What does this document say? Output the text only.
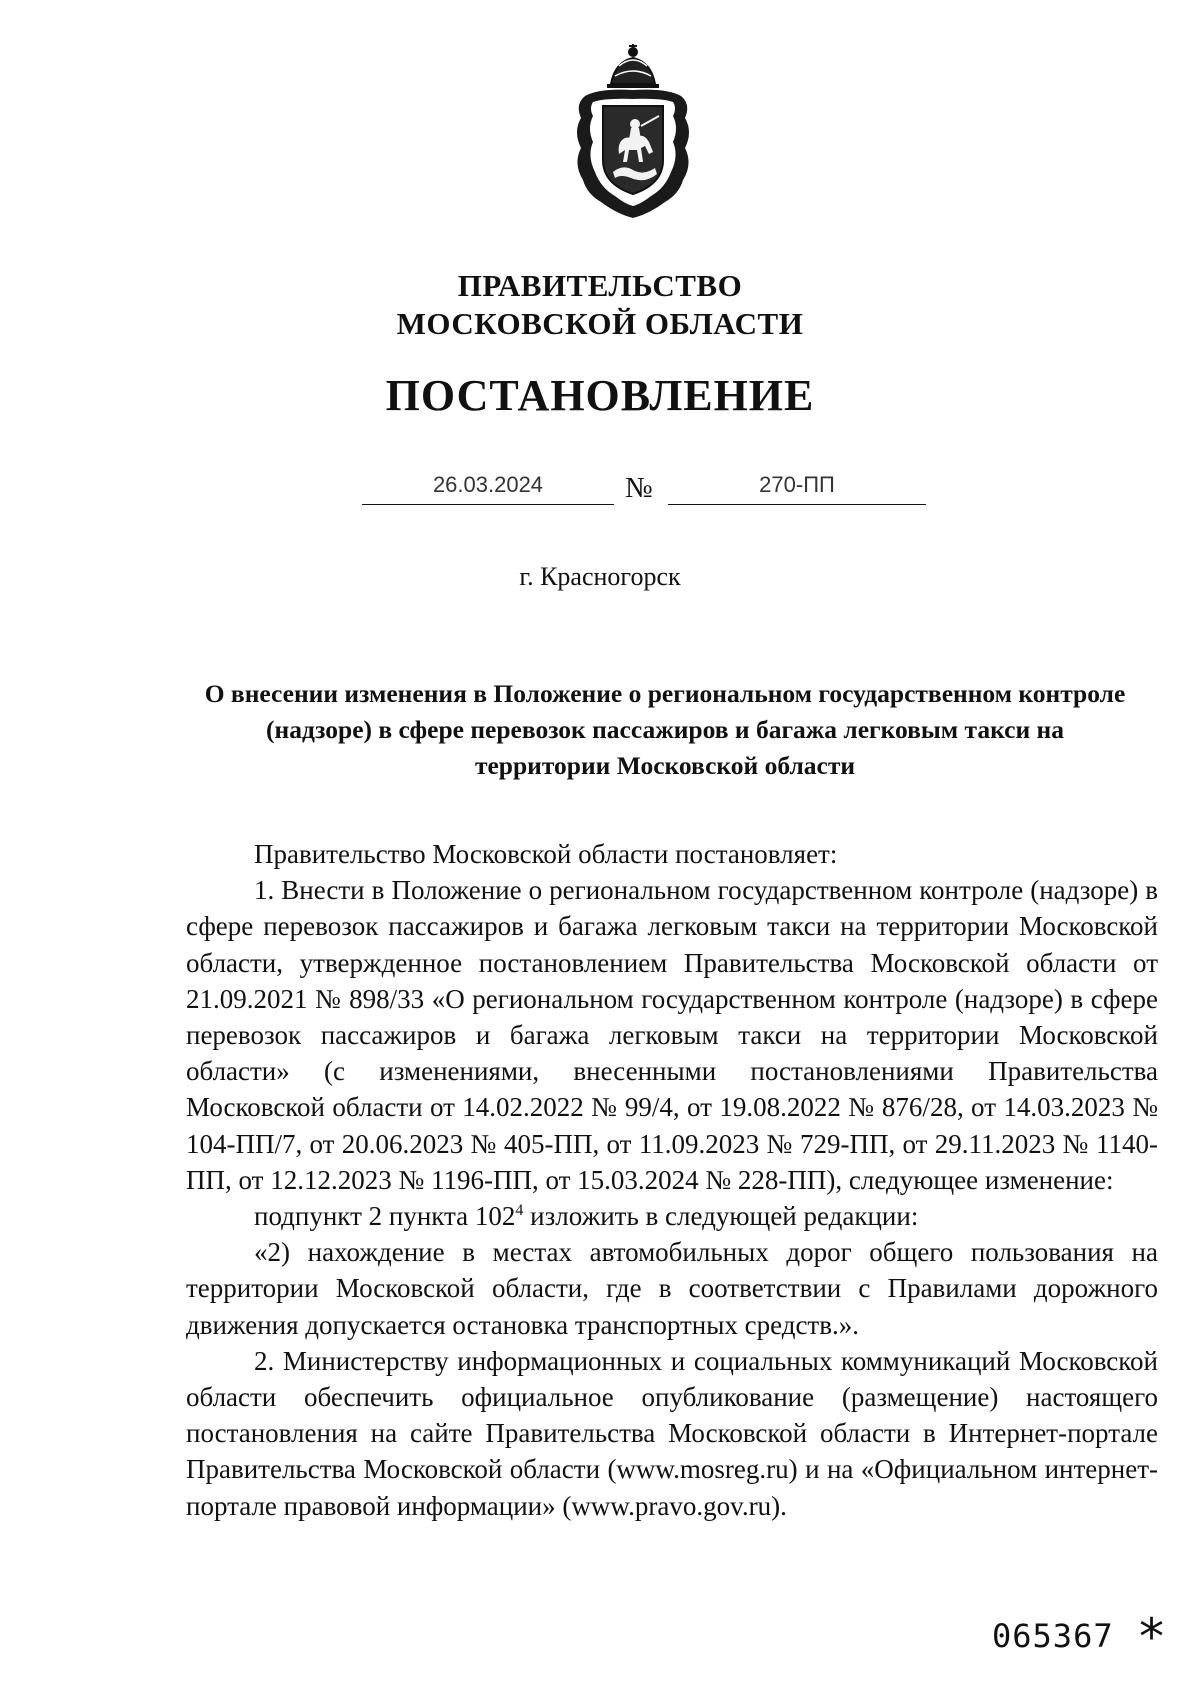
ПРАВИТЕЛЬСТВО
МОСКОВСКОЙ ОБЛАСТИ
ПОСТАНОВЛЕНИЕ
26.03.2024	№	270-ПП
г. Красногорск
О внесении изменения в Положение о региональном государственном контроле (надзоре) в сфере перевозок пассажиров и багажа легковым такси на территории Московской области

Правительство Московской области постановляет:

1. Внести в Положение о региональном государственном контроле (надзоре) в сфере перевозок пассажиров и багажа легковым такси на территории Московской области, утвержденное постановлением Правительства Московской области от 21.09.2021 № 898/33 «О региональном государственном контроле (надзоре) в сфере перевозок пассажиров и багажа легковым такси на территории Московской области» (с изменениями, внесенными постановлениями Правительства Московской области от 14.02.2022 № 99/4, от 19.08.2022 № 876/28, от 14.03.2023 № 104-ПП/7, от 20.06.2023 № 405-ПП, от 11.09.2023 № 729-ПП, от 29.11.2023 № 1140-ПП, от 12.12.2023 № 1196-ПП, от 15.03.2024 № 228-ПП), следующее изменение:

подпункт 2 пункта $102^4$ изложить в следующей редакции:

«2) нахождение в местах автомобильных дорог общего пользования на территории Московской области, где в соответствии с Правилами дорожного движения допускается остановка транспортных средств.».

2. Министерству информационных и социальных коммуникаций Московской области обеспечить официальное опубликование (размещение) настоящего постановления на сайте Правительства Московской области в Интернет-портале Правительства Московской области (www.mosreg.ru) и на «Официальном интернет-портале правовой информации» (www.pravo.gov.ru).

065367 *
